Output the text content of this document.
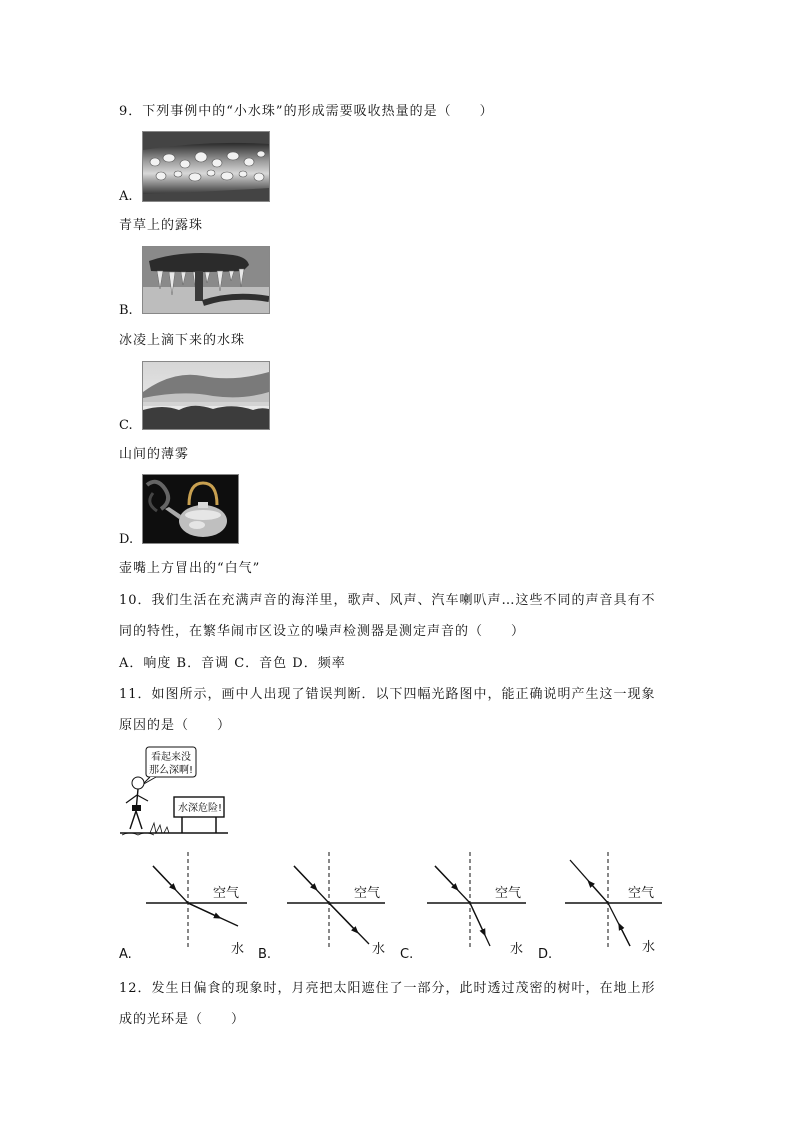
9．下列事例中的“小水珠”的形成需要吸收热量的是（　　）
A.
青草上的露珠
B.
冰凌上滴下来的水珠
C.
山间的薄雾
D.
壶嘴上方冒出的“白气”
10．我们生活在充满声音的海洋里，歌声、风声、汽车喇叭声…这些不同的声音具有不
同的特性，在繁华闹市区设立的噪声检测器是测定声音的（　　）
A．响度 B．音调 C．音色 D．频率
11．如图所示，画中人出现了错误判断．以下四幅光路图中，能正确说明产生这一现象
原因的是（　　）
看起来没
那么深啊!
水深危险!
空气
水
A.
空气
水
B.
空气
水
C.
空气
水
D.
12．发生日偏食的现象时，月亮把太阳遮住了一部分，此时透过茂密的树叶，在地上形
成的光环是（　　）
